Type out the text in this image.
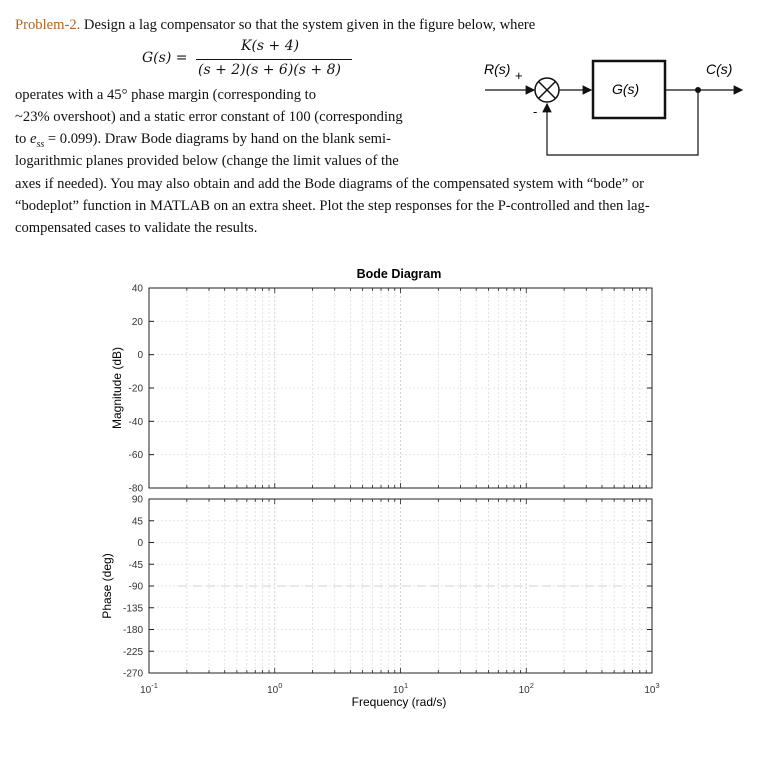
Problem-2. Design a lag compensator so that the system given in the figure below, where
G(s) =
K(s + 4)
(s + 2)(s + 6)(s + 8)
operates with a 45° phase margin (corresponding to
~23% overshoot) and a static error constant of 100 (corresponding
to $e_{ss} = 0.099$). Draw Bode diagrams by hand on the blank semi-
logarithmic planes provided below (change the limit values of the
axes if needed). You may also obtain and add the Bode diagrams of the compensated system with “bode” or
“bodeplot” function in MATLAB on an extra sheet. Plot the step responses for the P-controlled and then lag-
compensated cases to validate the results.
R(s) +
-
G(s)
C(s)
Bode Diagram
40
20
0
-20
-40
-60
-80
90
45
0
-45
-90
-135
-180
-225
-270
$10^{-1}$	$10^0$	$10^1$	$10^2$	$10^3$
Magnitude (dB)
Phase (deg)
Frequency (rad/s)
